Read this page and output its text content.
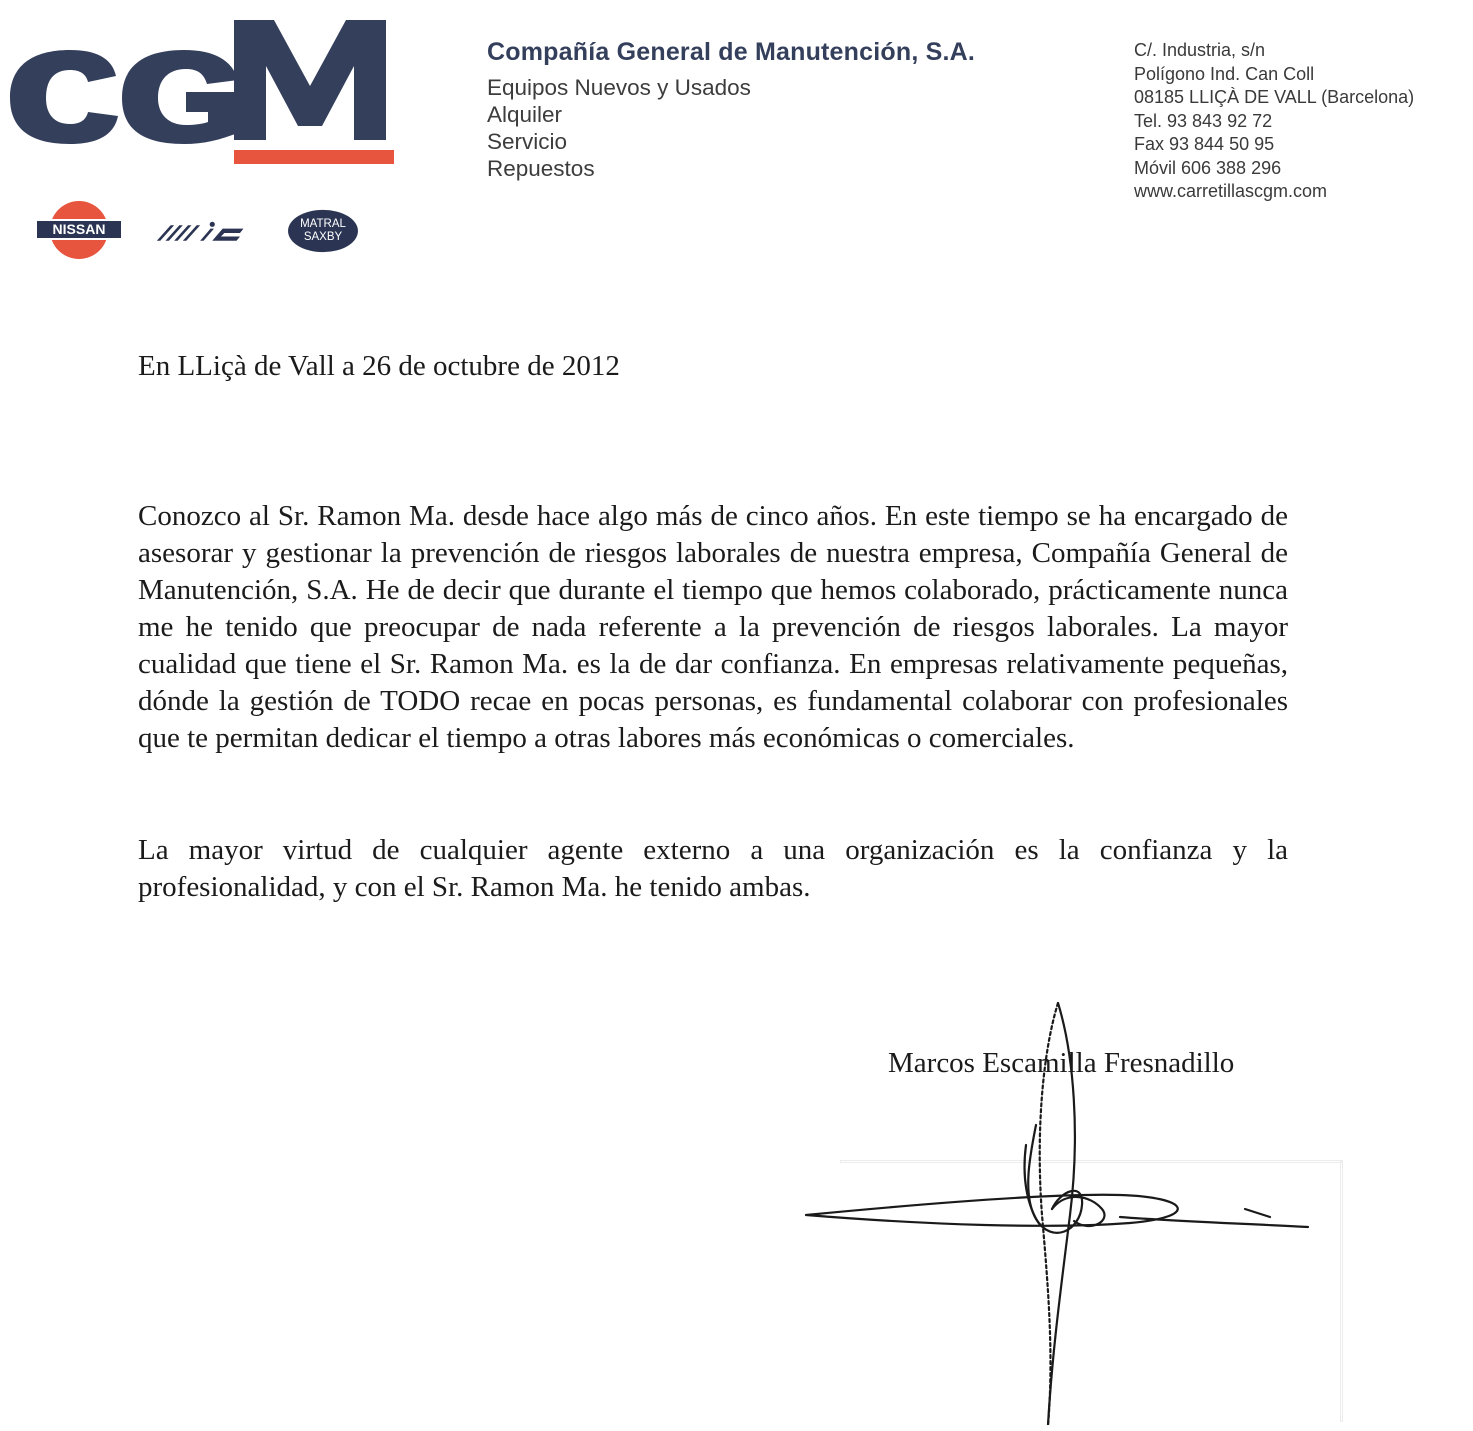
NISSAN	MATRAL
SAXBY
Compañía General de Manutención, S.A.
Equipos Nuevos y Usados
Alquiler
Servicio
Repuestos
C/. Industria, s/n
Polígono Ind. Can Coll
08185 LLIÇÀ DE VALL (Barcelona)
Tel. 93 843 92 72
Fax 93 844 50 95
Móvil 606 388 296
www.carretillascgm.com
En LLiçà de Vall a 26 de octubre de 2012
Conozco al Sr. Ramon Ma. desde hace algo más de cinco años. En este tiempo se ha encargado de asesorar y gestionar la prevención de riesgos laborales de nuestra empresa, Compañía General de Manutención, S.A. He de decir que durante el tiempo que hemos colaborado, prácticamente nunca me he tenido que preocupar de nada referente a la prevención de riesgos laborales. La mayor cualidad que tiene el Sr. Ramon Ma. es la de dar confianza. En empresas relativamente pequeñas, dónde la gestión de TODO recae en pocas personas, es fundamental colaborar con profesionales que te permitan dedicar el tiempo a otras labores más económicas o comerciales.
La mayor virtud de cualquier agente externo a una organización es la confianza y la profesionalidad, y con el Sr. Ramon Ma. he tenido ambas.
Marcos Escamilla Fresnadillo
